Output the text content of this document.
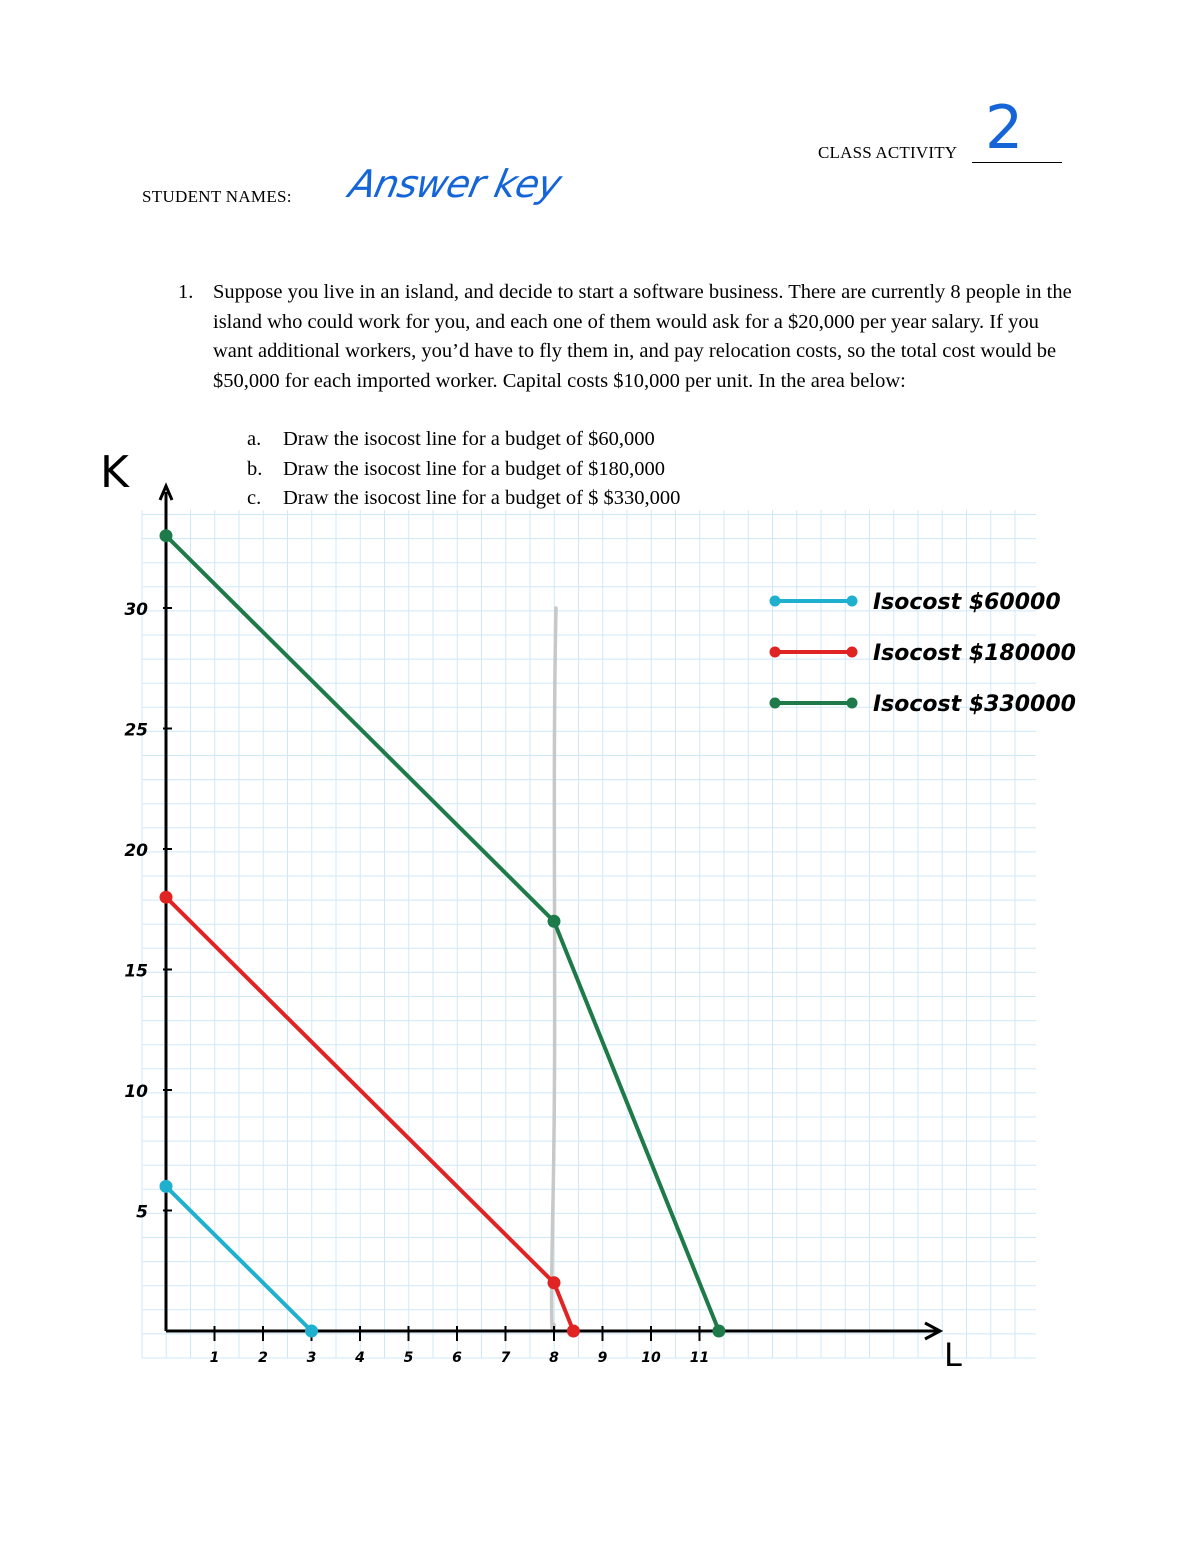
CLASS ACTIVITY 2
STUDENT NAMES: Answer key
1. Suppose you live in an island, and decide to start a software business. There are currently 8 people in the island who could work for you, and each one of them would ask for a $20,000 per year salary. If you want additional workers, you’d have to fly them in, and pay relocation costs, so the total cost would be $50,000 for each imported worker. Capital costs $10,000 per unit. In the area below:
a.	Draw the isocost line for a budget of $60,000
b.	Draw the isocost line for a budget of $180,000
c.	Draw the isocost line for a budget of $ $330,000
K
L
1	2	3	4	5	6	7	8	9 10 11
5
10
15
20
25
30	Isocost $60000
Isocost $180000
Isocost $330000
